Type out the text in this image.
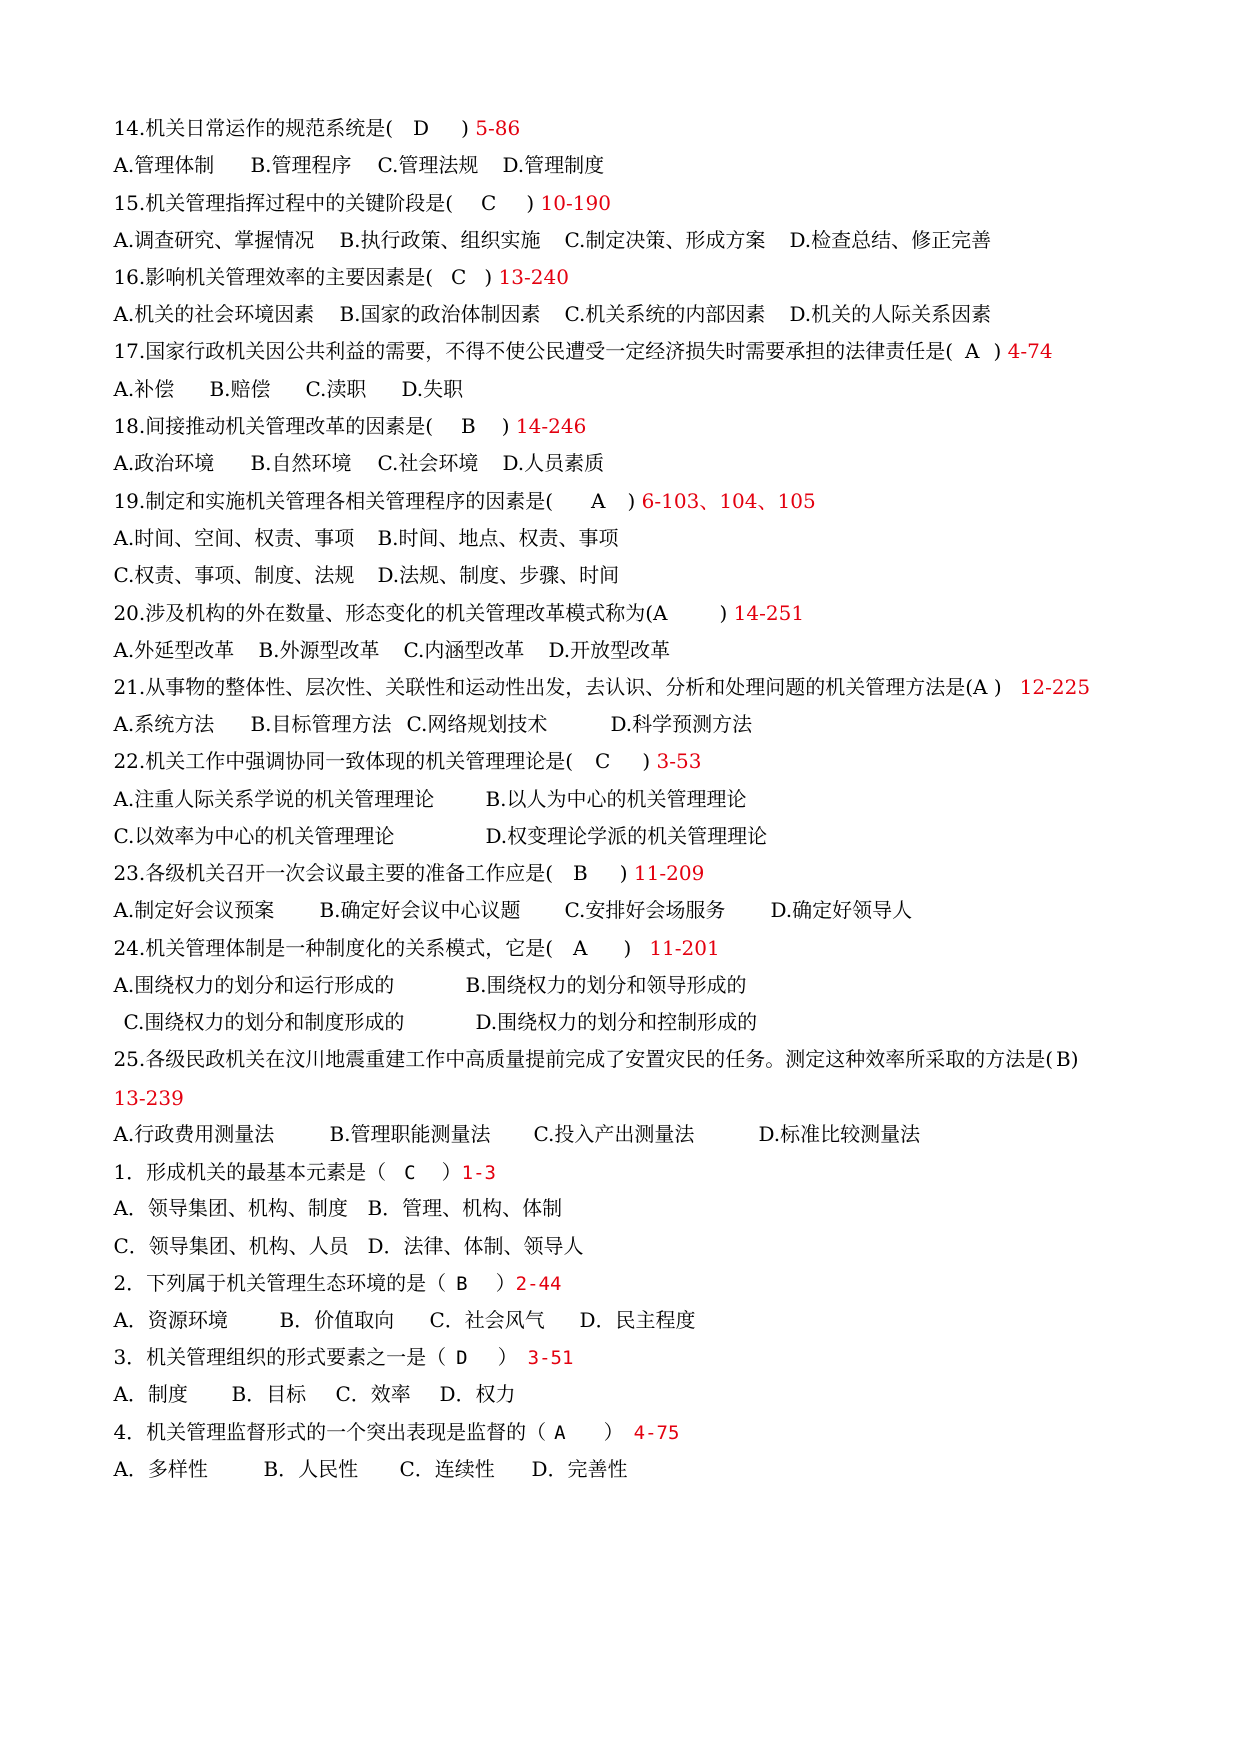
14.机关日常运作的规范系统是( D ) 5-86

A.管理体制 B.管理程序 C.管理法规 D.管理制度

15.机关管理指挥过程中的关键阶段是( C ) 10-190

A.调查研究、掌握情况 B.执行政策、组织实施 C.制定决策、形成方案 D.检查总结、修正完善

16.影响机关管理效率的主要因素是( C ) 13-240

A.机关的社会环境因素 B.国家的政治体制因素 C.机关系统的内部因素 D.机关的人际关系因素

17.国家行政机关因公共利益的需要，不得不使公民遭受一定经济损失时需要承担的法律责任是( A ) 4-74

A.补偿 B.赔偿 C.渎职 D.失职

18.间接推动机关管理改革的因素是( B ) 14-246

A.政治环境 B.自然环境 C.社会环境 D.人员素质

19.制定和实施机关管理各相关管理程序的因素是( A ) 6-103、104、105

A.时间、空间、权责、事项 B.时间、地点、权责、事项

C.权责、事项、制度、法规 D.法规、制度、步骤、时间

20.涉及机构的外在数量、形态变化的机关管理改革模式称为(A	) 14-251

A.外延型改革 B.外源型改革 C.内涵型改革 D.开放型改革

21.从事物的整体性、层次性、关联性和运动性出发，去认识、分析和处理问题的机关管理方法是(A ) 12-225

A.系统方法 B.目标管理方法 C.网络规划技术	D.科学预测方法

22.机关工作中强调协同一致体现的机关管理理论是( C ) 3-53

A.注重人际关系学说的机关管理理论	B.以人为中心的机关管理理论

C.以效率为中心的机关管理理论	D.权变理论学派的机关管理理论

23.各级机关召开一次会议最主要的准备工作应是( B ) 11-209

A.制定好会议预案 B.确定好会议中心议题 C.安排好会场服务 D.确定好领导人

24.机关管理体制是一种制度化的关系模式，它是( A ) 11-201

A.围绕权力的划分和运行形成的	B.围绕权力的划分和领导形成的

C.围绕权力的划分和制度形成的	D.围绕权力的划分和控制形成的

25.各级民政机关在汶川地震重建工作中高质量提前完成了安置灾民的任务。测定这种效率所采取的方法是( B)

13-239

A.行政费用测量法	B.管理职能测量法 C.投入产出测量法	D.标准比较测量法

1．形成机关的最基本元素是（ C ）1-3

A．领导集团、机构、制度 B．管理、机构、体制

C．领导集团、机构、人员 D．法律、体制、领导人

2．下列属于机关管理生态环境的是（ B ）2-44

A．资源环境	B．价值取向 C．社会风气 D．民主程度

3．机关管理组织的形式要素之一是（ D ） 3-51

A．制度 B．目标 C．效率 D．权力

4．机关管理监督形式的一个突出表现是监督的（ A ） 4-75

A．多样性	B．人民性 C．连续性 D．完善性
